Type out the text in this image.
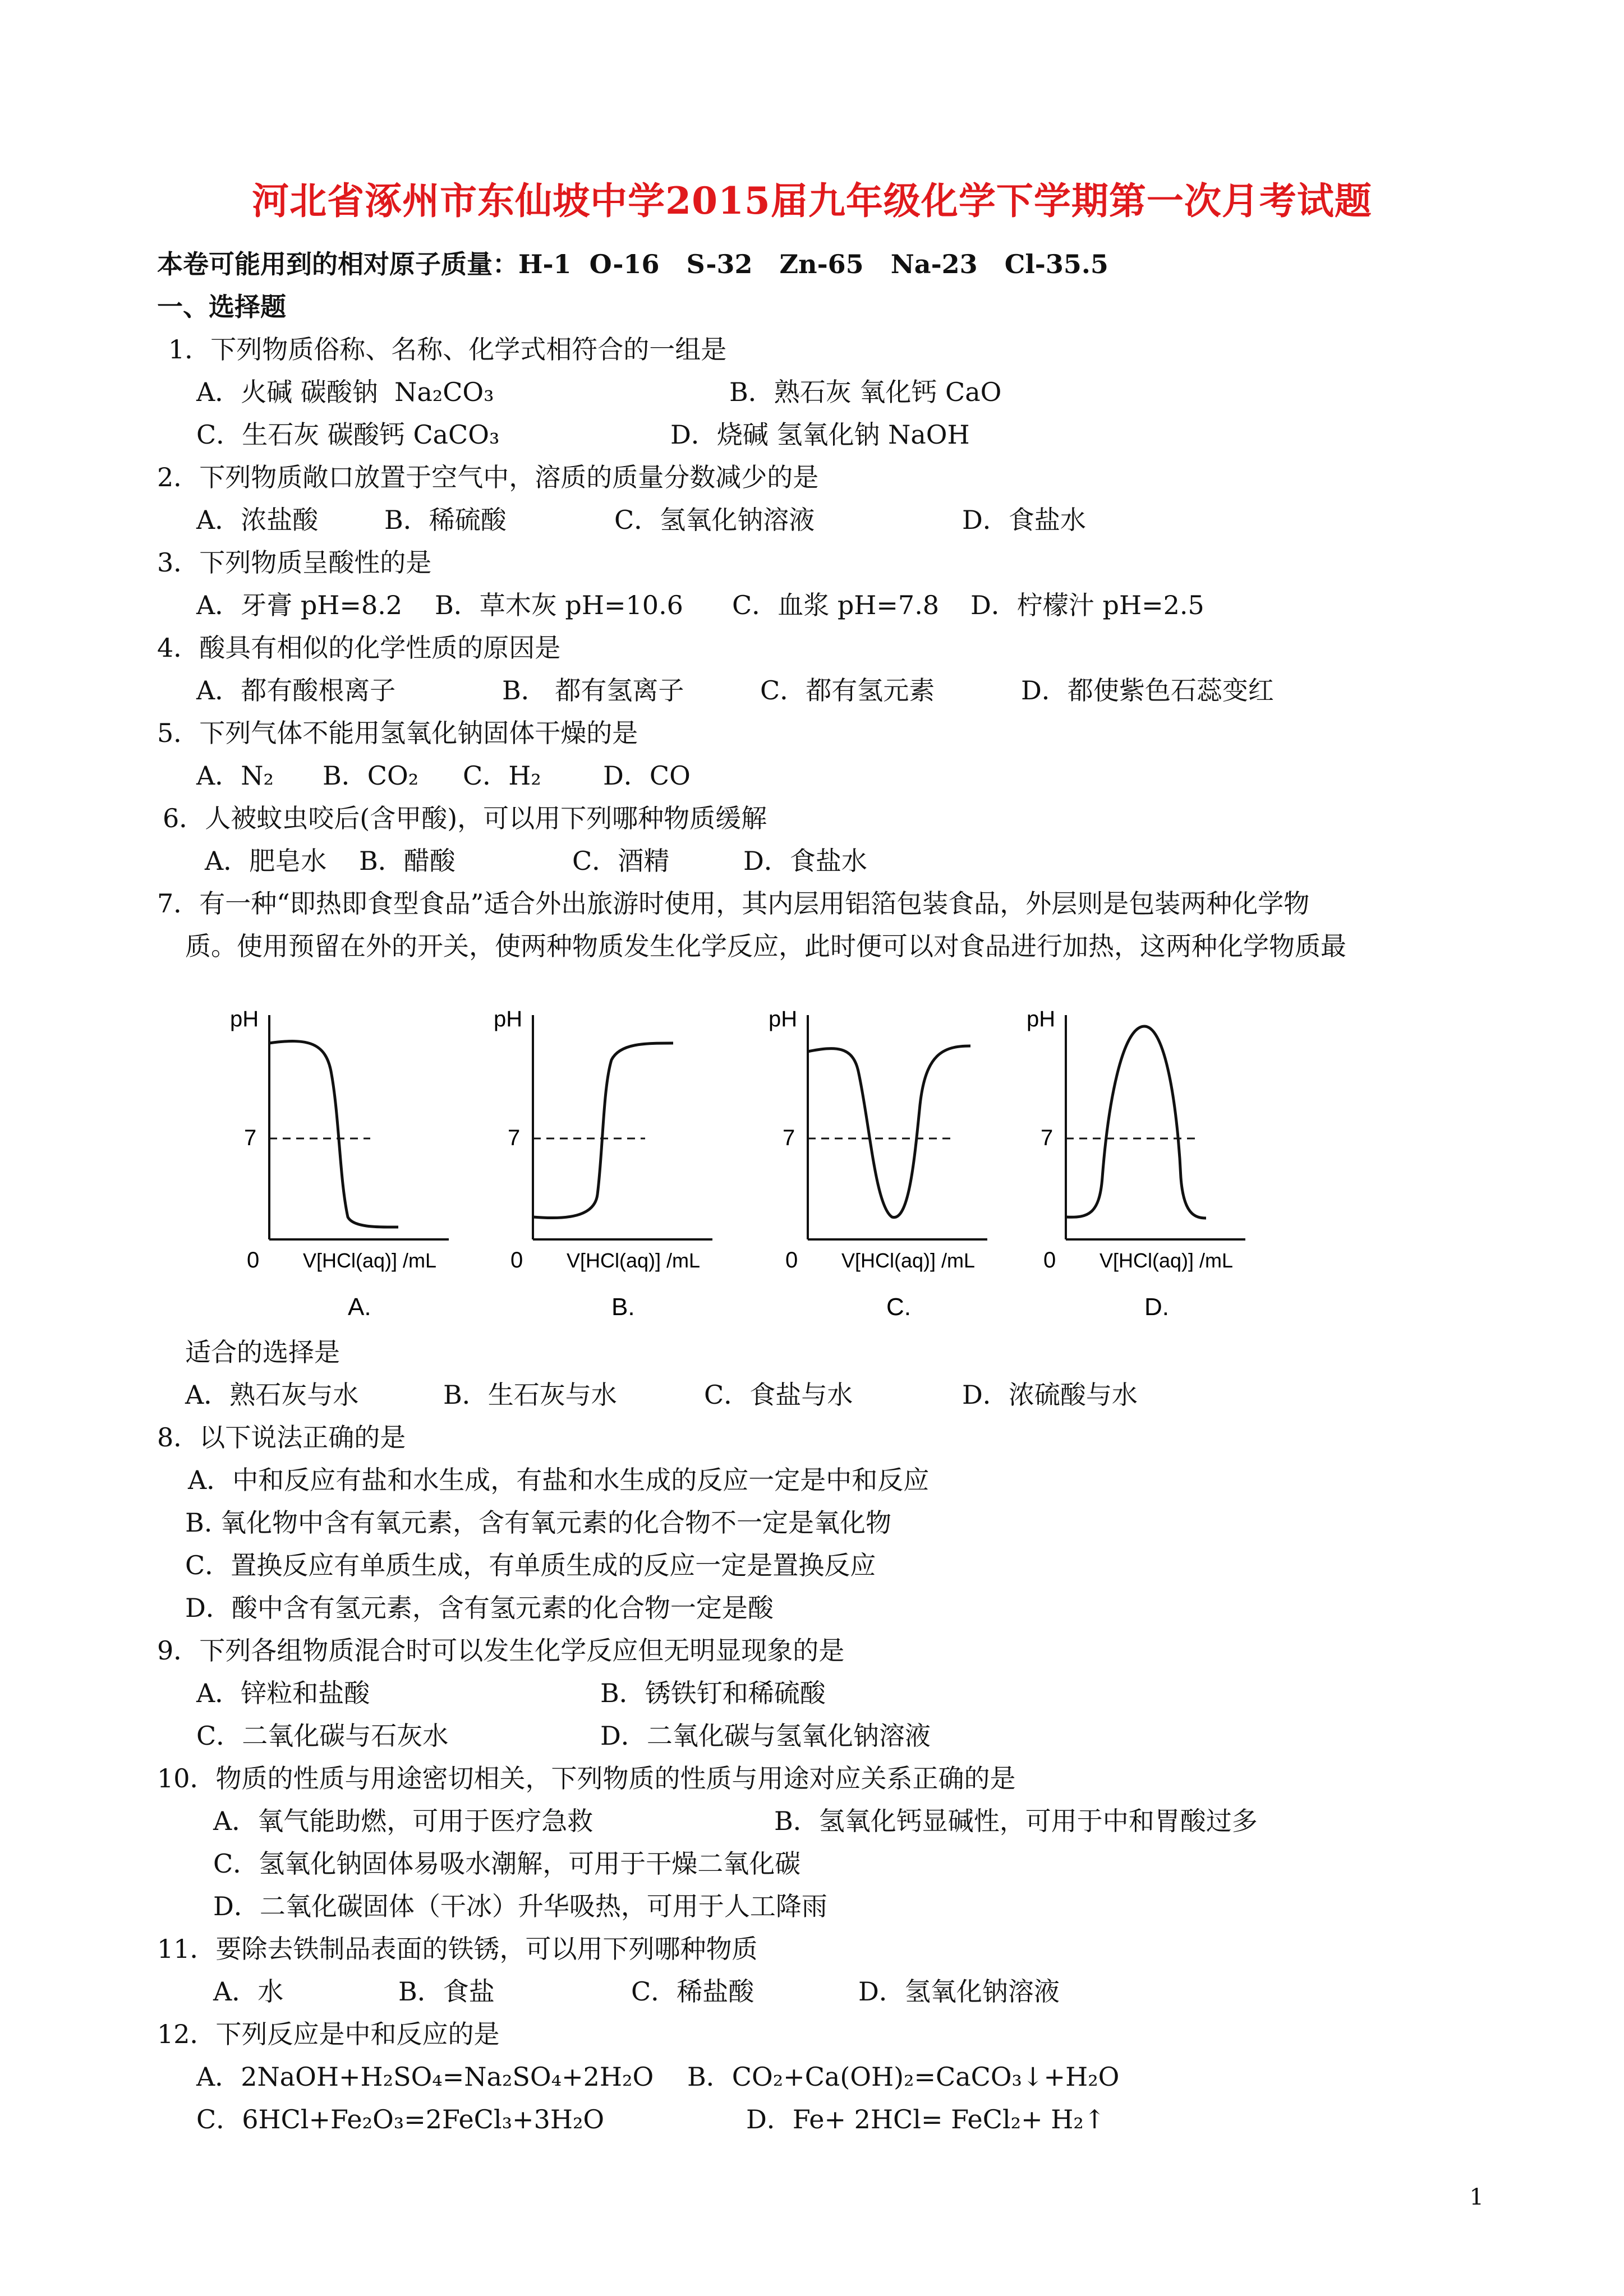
河北省涿州市东仙坡中学2015届九年级化学下学期第一次月考试题
本卷可能用到的相对原子质量：H-1  O-16   S-32   Zn-65   Na-23   Cl-35.5
一、选择题
1．下列物质俗称、名称、化学式相符合的一组是
A．火碱 碳酸钠  Na₂CO₃	B．熟石灰 氧化钙 CaO
C．生石灰 碳酸钙 CaCO₃	D．烧碱 氢氧化钠 NaOH
2．下列物质敞口放置于空气中，溶质的质量分数减少的是
A．浓盐酸	B．稀硫酸	C．氢氧化钠溶液	D．食盐水
3．下列物质呈酸性的是
A．牙膏 pH=8.2 B．草木灰 pH=10.6 C．血浆 pH=7.8 D．柠檬汁 pH=2.5
4．酸具有相似的化学性质的原因是
A．都有酸根离子	B． 都有氢离子	C．都有氢元素	D．都使紫色石蕊变红
5．下列气体不能用氢氧化钠固体干燥的是
A．N₂ B．CO₂ C．H₂ D．CO
6．人被蚊虫咬后(含甲酸)，可以用下列哪种物质缓解
A．肥皂水 B．醋酸	C．酒精	D．食盐水
7．有一种“即热即食型食品”适合外出旅游时使用，其内层用铝箔包装食品，外层则是包装两种化学物
质。使用预留在外的开关，使两种物质发生化学反应，此时便可以对食品进行加热，这两种化学物质最
pH
7
0 V[HCl(aq)] /mL
A.
pH
7
0 V[HCl(aq)] /mL
B.
pH
7
0 V[HCl(aq)] /mL
C.
pH
7
0 V[HCl(aq)] /mL
D.
适合的选择是
A．熟石灰与水	B．生石灰与水	C．食盐与水	D．浓硫酸与水
8．以下说法正确的是
A．中和反应有盐和水生成，有盐和水生成的反应一定是中和反应
B. 氧化物中含有氧元素，含有氧元素的化合物不一定是氧化物
C．置换反应有单质生成，有单质生成的反应一定是置换反应
D．酸中含有氢元素，含有氢元素的化合物一定是酸
9．下列各组物质混合时可以发生化学反应但无明显现象的是
A．锌粒和盐酸	B．锈铁钉和稀硫酸
C．二氧化碳与石灰水	D．二氧化碳与氢氧化钠溶液
10．物质的性质与用途密切相关，下列物质的性质与用途对应关系正确的是
A．氧气能助燃，可用于医疗急救	B．氢氧化钙显碱性，可用于中和胃酸过多
C．氢氧化钠固体易吸水潮解，可用于干燥二氧化碳
D．二氧化碳固体（干冰）升华吸热，可用于人工降雨
11．要除去铁制品表面的铁锈，可以用下列哪种物质
A．水	B．食盐	C．稀盐酸	D．氢氧化钠溶液
12．下列反应是中和反应的是
A．2NaOH+H₂SO₄=Na₂SO₄+2H₂O B．CO₂+Ca(OH)₂=CaCO₃↓+H₂O
C．6HCl+Fe₂O₃=2FeCl₃+3H₂O	D．Fe+ 2HCl= FeCl₂+ H₂↑
1
